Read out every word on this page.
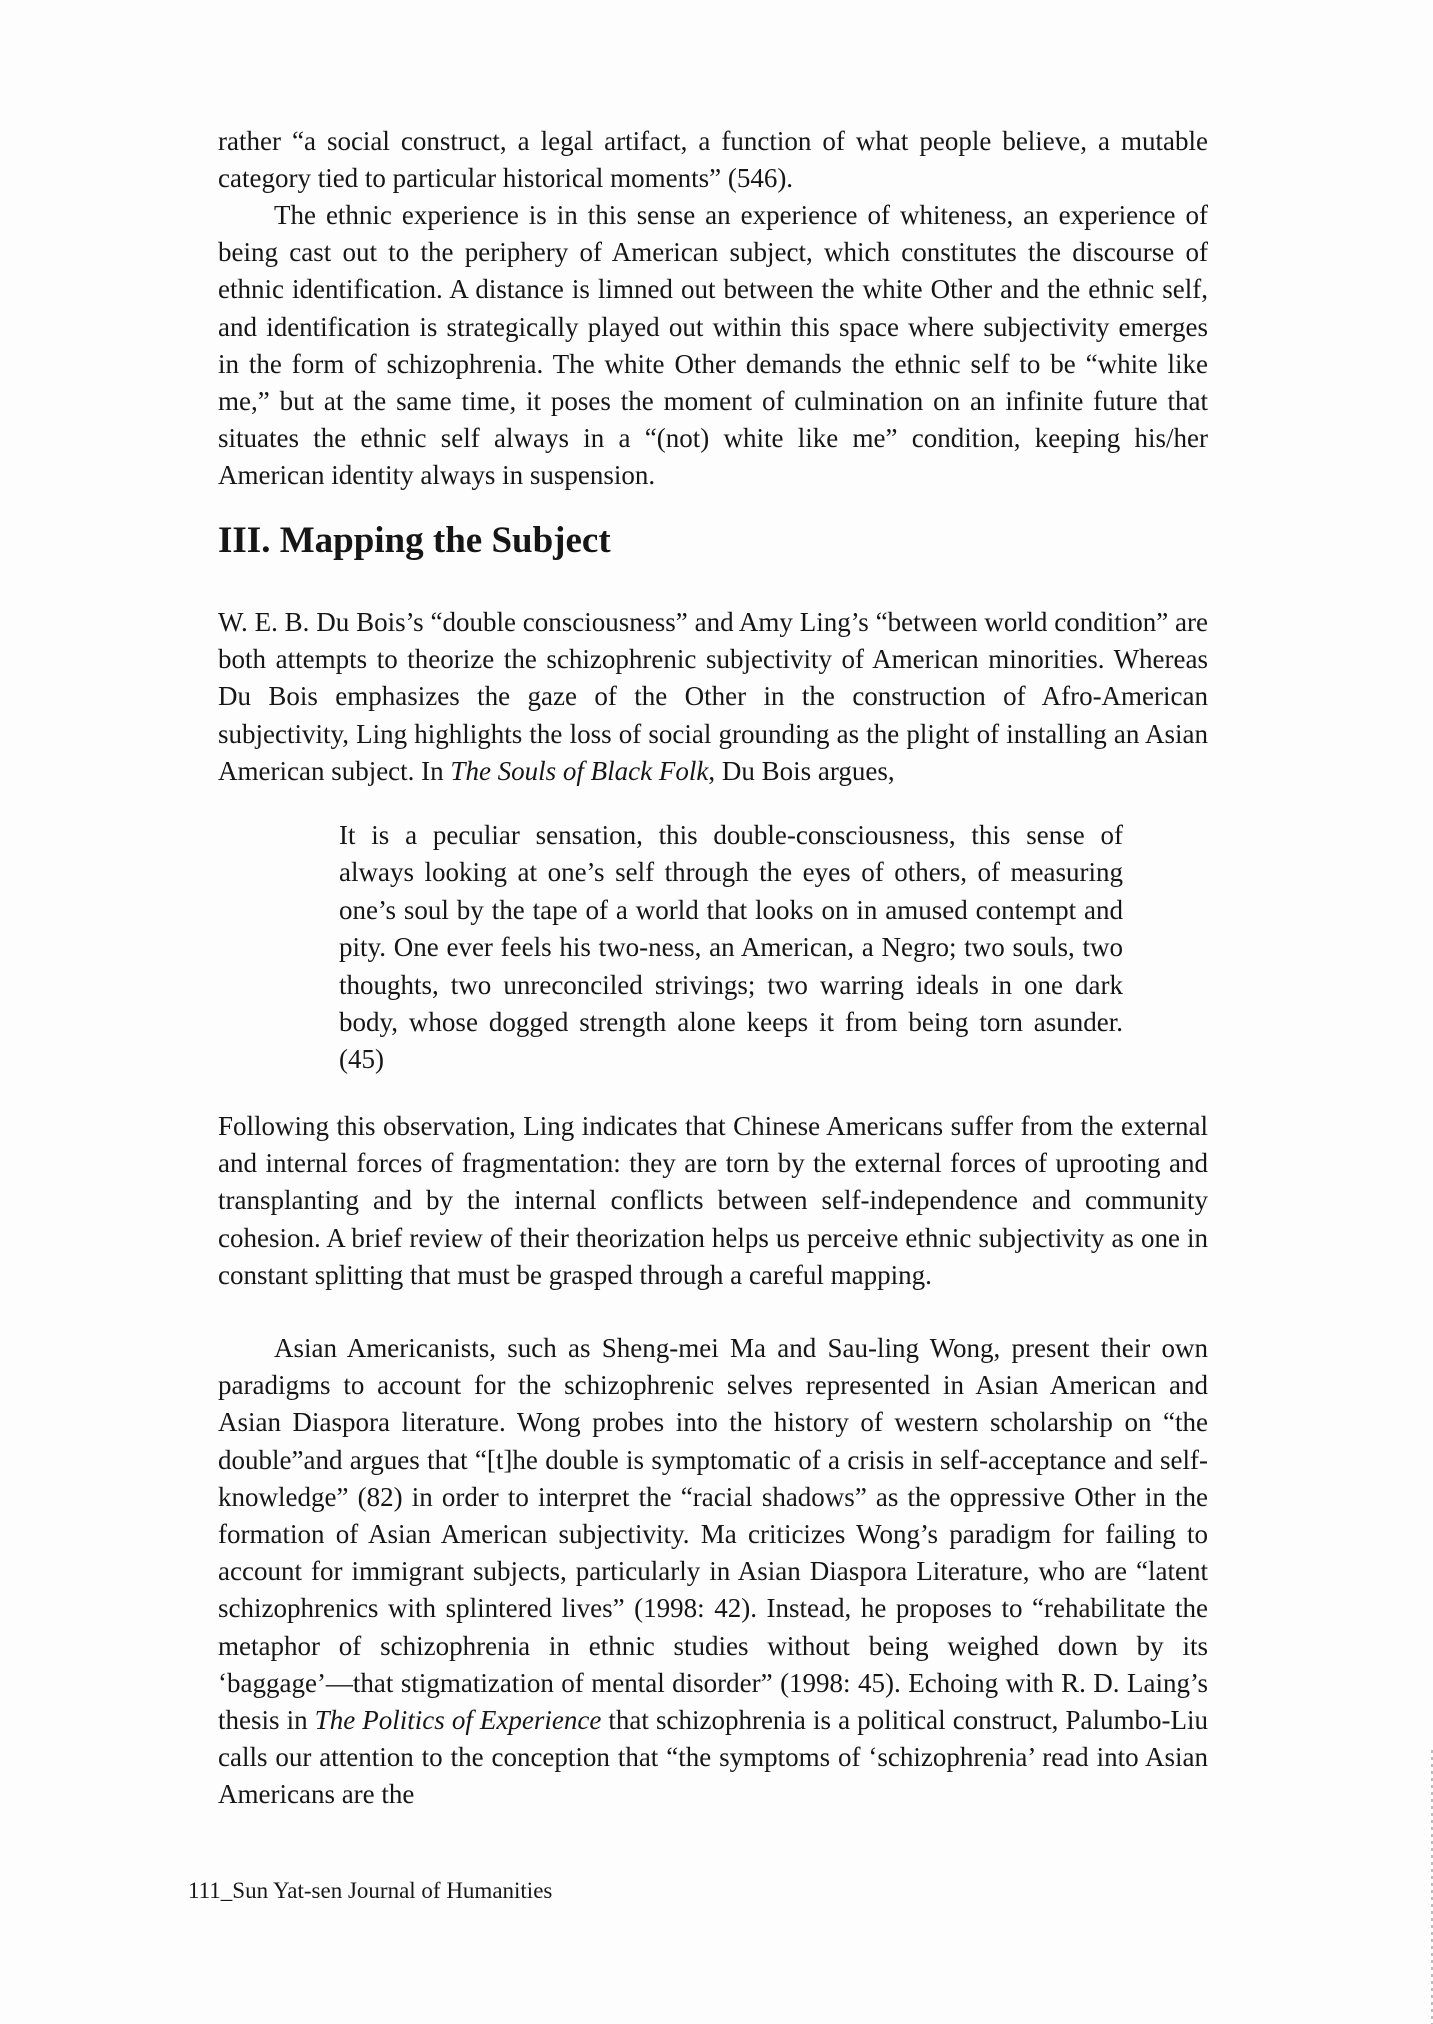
rather “a social construct, a legal artifact, a function of what people believe, a mutable category tied to particular historical moments” (546).

The ethnic experience is in this sense an experience of whiteness, an experience of being cast out to the periphery of American subject, which constitutes the discourse of ethnic identification. A distance is limned out between the white Other and the ethnic self, and identification is strategically played out within this space where subjectivity emerges in the form of schizophrenia. The white Other demands the ethnic self to be “white like me,” but at the same time, it poses the moment of culmination on an infinite future that situates the ethnic self always in a “(not) white like me” condition, keeping his/her American identity always in suspension.

III. Mapping the Subject

W. E. B. Du Bois’s “double consciousness” and Amy Ling’s “between world condition” are both attempts to theorize the schizophrenic subjectivity of American minorities. Whereas Du Bois emphasizes the gaze of the Other in the construction of Afro-American subjectivity, Ling highlights the loss of social grounding as the plight of installing an Asian American subject. In The Souls of Black Folk, Du Bois argues,

It is a peculiar sensation, this double-consciousness, this sense of always looking at one’s self through the eyes of others, of measuring one’s soul by the tape of a world that looks on in amused contempt and pity. One ever feels his two-ness, an American, a Negro; two souls, two thoughts, two unreconciled strivings; two warring ideals in one dark body, whose dogged strength alone keeps it from being torn asunder. (45)

Following this observation, Ling indicates that Chinese Americans suffer from the external and internal forces of fragmentation: they are torn by the external forces of uprooting and transplanting and by the internal conflicts between self-independence and community cohesion. A brief review of their theorization helps us perceive ethnic subjectivity as one in constant splitting that must be grasped through a careful mapping.

Asian Americanists, such as Sheng-mei Ma and Sau-ling Wong, present their own paradigms to account for the schizophrenic selves represented in Asian American and Asian Diaspora literature. Wong probes into the history of western scholarship on “the double”and argues that “[t]he double is symptomatic of a crisis in self-acceptance and self-knowledge” (82) in order to interpret the “racial shadows” as the oppressive Other in the formation of Asian American subjectivity. Ma criticizes Wong’s paradigm for failing to account for immigrant subjects, particularly in Asian Diaspora Literature, who are “latent schizophrenics with splintered lives” (1998: 42). Instead, he proposes to “rehabilitate the metaphor of schizophrenia in ethnic studies without being weighed down by its ‘baggage’—that stigmatization of mental disorder” (1998: 45). Echoing with R. D. Laing’s thesis in The Politics of Experience that schizophrenia is a political construct, Palumbo-Liu calls our attention to the conception that “the symptoms of ‘schizophrenia’ read into Asian Americans are the

111_Sun Yat-sen Journal of Humanities
